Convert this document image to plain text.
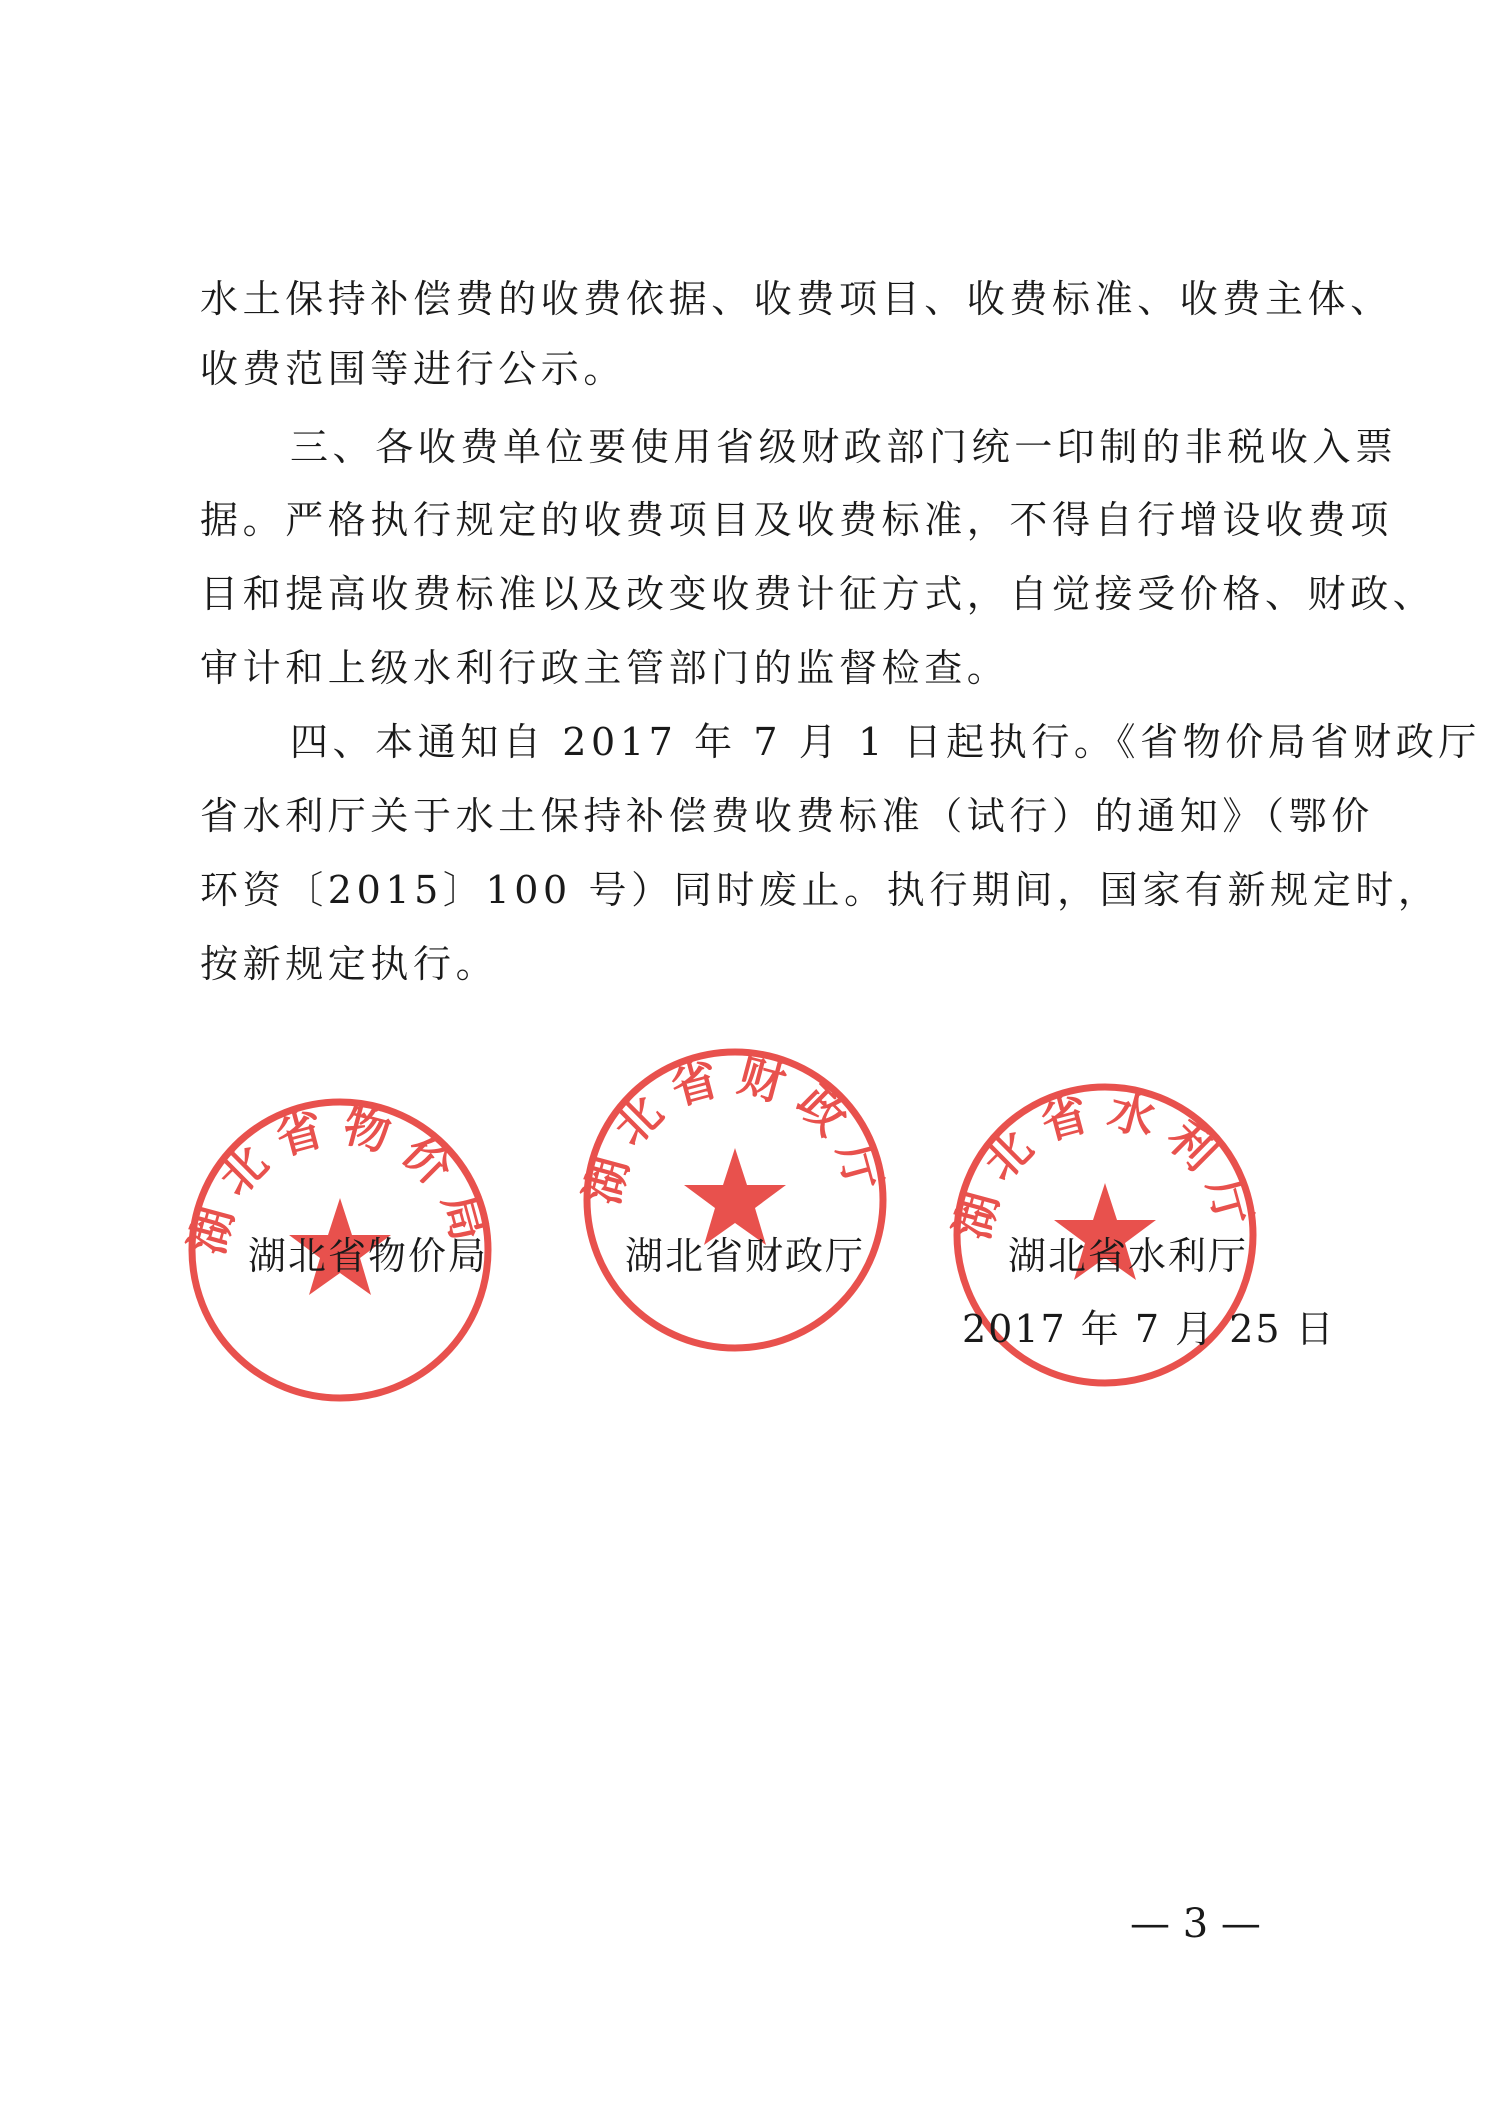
水土保持补偿费的收费依据、收费项目、收费标准、收费主体、
收费范围等进行公示。
三、各收费单位要使用省级财政部门统一印制的非税收入票
据。严格执行规定的收费项目及收费标准，不得自行增设收费项
目和提高收费标准以及改变收费计征方式，自觉接受价格、财政、
审计和上级水利行政主管部门的监督检查。
四、本通知自 2017 年 7 月 1 日起执行。《省物价局省财政厅
省水利厅关于水土保持补偿费收费标准（试行）的通知》（鄂价
环资〔2015〕100 号）同时废止。执行期间，国家有新规定时，
按新规定执行。
湖北省物价局
湖北省财政厅 湖北省水利厅
湖北省物价局	湖北省财政厅	湖北省水利厅
2017 年 7 月 25 日
— 3 —
